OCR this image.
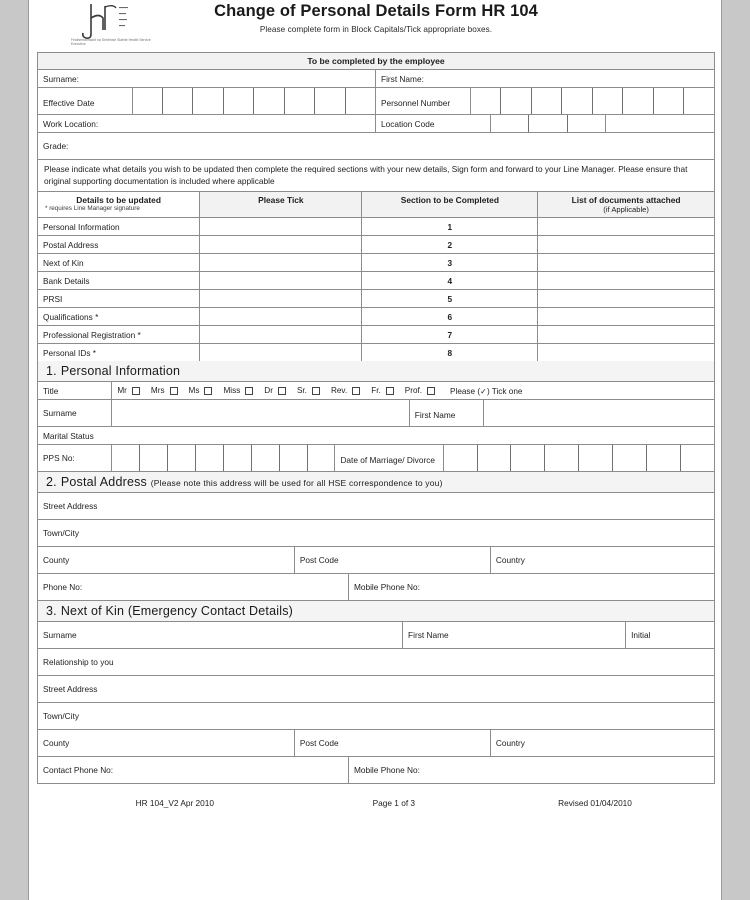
Feidhmeannacht na Seirbhíse Sláinte Health Service Executive
Change of Personal Details Form HR 104
Please complete form in Block Capitals/Tick appropriate boxes.
To be completed by the employee
Surname:	First Name:
Effective Date	Personnel Number
Work Location:	Location Code
Grade:
Please indicate what details you wish to be updated then complete the required sections with your new details, Sign form and forward to your Line Manager. Please ensure that original supporting documentation is included where applicable
Details to be updated
* requires Line Manager signature
Please Tick	Section to be Completed	List of documents attached
(if Applicable)
Personal Information	1
Postal Address	2
Next of Kin	3
Bank Details	4
PRSI	5
Qualifications *	6
Professional Registration *	7
Personal IDs *	8
1. Personal Information
Title	Mr	Mrs	Ms	Miss	Dr	Sr.	Rev.	Fr.	Prof.	Please (✓) Tick one
Surname	First Name
Marital Status
PPS No:	Date of Marriage/ Divorce
2. Postal Address (Please note this address will be used for all HSE correspondence to you)
Street Address
Town/City
County	Post Code	Country
Phone No:	Mobile Phone No:
3. Next of Kin (Emergency Contact Details)
Surname	First Name	Initial
Relationship to you
Street Address
Town/City
County	Post Code	Country
Contact Phone No:	Mobile Phone No:
HR 104_V2 Apr 2010	Page 1 of 3	Revised 01/04/2010
